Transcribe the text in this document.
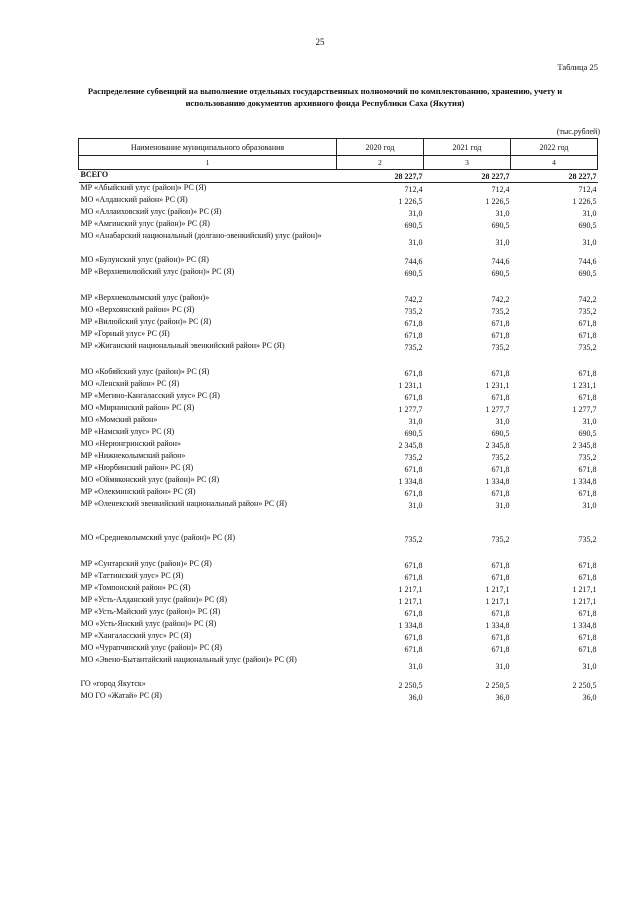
25
Таблица 25
Распределение субвенций на выполнение отдельных государственных полномочий по комплектованию, хранению, учету и использованию документов архивного фонда Республики Саха (Якутия)
(тыс.рублей)
Наименование муниципального образования	2020 год	2021 год	2022 год
1	2	3	4
ВСЕГО	28 227,7	28 227,7	28 227,7
МР «Абыйский улус (район)» РС (Я)	712,4	712,4	712,4
МО «Алданский район» РС (Я)	1 226,5	1 226,5	1 226,5
МО «Аллаиховский улус (район)» РС (Я)	31,0	31,0	31,0
МР «Амгинский улус (район)» РС (Я)	690,5	690,5	690,5
МО «Анабарский национальный (долгано-эвенкийский) улус (район)»	31,0	31,0	31,0
МО «Булунский улус (район)» РС (Я)	744,6	744,6	744,6
МР «Верхневилюйский улус (район)» РС (Я)	690,5	690,5	690,5

МР «Верхнеколымский улус (район)»	742,2	742,2	742,2
МО «Верхоянский район» РС (Я)	735,2	735,2	735,2
МР «Вилюйский улус (район)» РС (Я)	671,8	671,8	671,8
МР «Горный улус» РС (Я)	671,8	671,8	671,8
МР «Жиганский национальный эвенкийский район» РС (Я)	735,2	735,2	735,2

МО «Кобяйский улус (район)» РС (Я)	671,8	671,8	671,8
МО «Ленский район» РС (Я)	1 231,1	1 231,1	1 231,1
МР «Мегино-Кангаласский улус» РС (Я)	671,8	671,8	671,8
МО «Мирнинский район» РС (Я)	1 277,7	1 277,7	1 277,7
МО «Момский район»	31,0	31,0	31,0
МР «Намский улус» РС (Я)	690,5	690,5	690,5
МО «Нерюнгринский район»	2 345,8	2 345,8	2 345,8
МР «Нижнеколымский район»	735,2	735,2	735,2
МР «Нюрбинский район» РС (Я)	671,8	671,8	671,8
МО «Оймяконский улус (район)» РС (Я)	1 334,8	1 334,8	1 334,8
МР «Олекминский район» РС (Я)	671,8	671,8	671,8
МР «Оленекский эвенкийский национальный район» РС (Я)	31,0	31,0	31,0

МО «Среднеколымский улус (район)» РС (Я)	735,2	735,2	735,2

МР «Сунтарский улус (район)» РС (Я)	671,8	671,8	671,8
МР «Таттинский улус» РС (Я)	671,8	671,8	671,8
МР «Томпонский район» РС (Я)	1 217,1	1 217,1	1 217,1
МР «Усть-Алданский улус (район)» РС (Я)	1 217,1	1 217,1	1 217,1
МР «Усть-Майский улус (район)» РС (Я)	671,8	671,8	671,8
МО «Усть-Янский улус (район)» РС (Я)	1 334,8	1 334,8	1 334,8
МР «Хангаласский улус» РС (Я)	671,8	671,8	671,8
МО «Чурапчинский улус (район)» РС (Я)	671,8	671,8	671,8
МО «Эвено-Бытантайский национальный улус (район)» РС (Я)	31,0	31,0	31,0
ГО «город Якутск»	2 250,5	2 250,5	2 250,5
МО ГО «Жатай» РС (Я)	36,0	36,0	36,0
